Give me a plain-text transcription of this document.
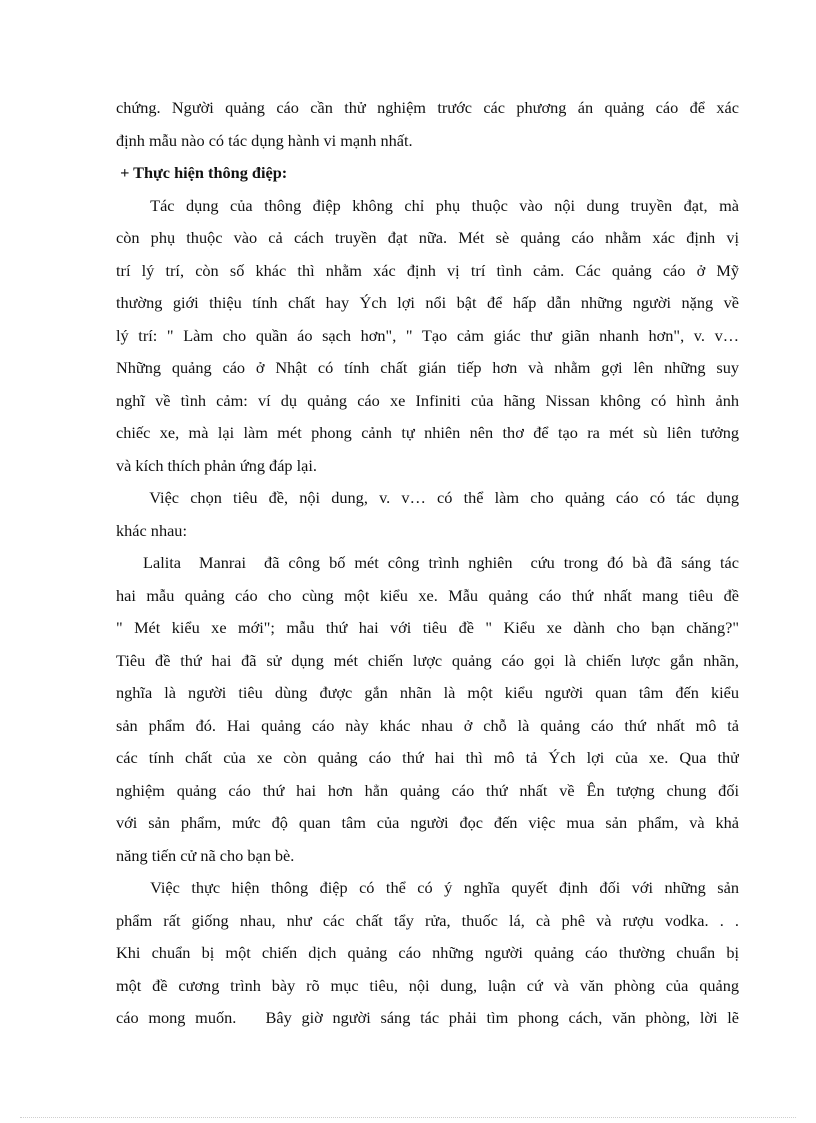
chứng. Người quảng cáo cần thử nghiệm trước các phương án quảng cáo để xác
định mẫu nào có tác dụng hành vi mạnh nhất.
+ Thực hiện thông điệp:
Tác dụng của thông điệp không chỉ phụ thuộc vào nội dung truyền đạt, mà
còn phụ thuộc vào cả cách truyền đạt nữa. Mét sè quảng cáo nhằm xác định vị
trí lý trí, còn số khác thì nhằm xác định vị trí tình cảm. Các quảng cáo ở Mỹ
thường giới thiệu tính chất hay Ých lợi nổi bật để hấp dẫn những người nặng về
lý trí: " Làm cho quần áo sạch hơn", " Tạo cảm giác thư giãn nhanh hơn", v. v…
Những quảng cáo ở Nhật có tính chất gián tiếp hơn và nhằm gợi lên những suy
nghĩ về tình cảm: ví dụ quảng cáo xe Infiniti của hãng Nissan không có hình ảnh
chiếc xe, mà lại làm mét phong cảnh tự nhiên nên thơ để tạo ra mét sù liên tưởng
và kích thích phản ứng đáp lại.
Việc chọn tiêu đề, nội dung, v. v… có thể làm cho quảng cáo có tác dụng
khác nhau:
Lalita  Manrai  đã công bố mét công trình nghiên  cứu trong đó bà đã sáng tác
hai mẫu quảng cáo cho cùng một kiểu xe. Mẫu quảng cáo thứ nhất mang tiêu đề
" Mét kiểu xe mới"; mẫu thứ hai với tiêu đề " Kiểu xe dành cho bạn chăng?"
Tiêu đề thứ hai đã sử dụng mét chiến lược quảng cáo gọi là chiến lược gắn nhãn,
nghĩa là người tiêu dùng được gắn nhãn là một kiểu người quan tâm đến kiểu
sản phẩm đó. Hai quảng cáo này khác nhau ở chỗ là quảng cáo thứ nhất mô tả
các tính chất của xe còn quảng cáo thứ hai thì mô tả Ých lợi của xe. Qua thử
nghiệm quảng cáo thứ hai hơn hẳn quảng cáo thứ nhất về Ên tượng chung đối
với sản phẩm, mức độ quan tâm của người đọc đến việc mua sản phẩm, và khả
năng tiến cử nã cho bạn bè.
Việc thực hiện thông điệp có thể có ý nghĩa quyết định đối với những sản
phẩm rất giống nhau, như các chất tẩy rửa, thuốc lá, cà phê và rượu vodka. . .
Khi chuẩn bị một chiến dịch quảng cáo những người quảng cáo thường chuẩn bị
một đề cương trình bày rõ mục tiêu, nội dung, luận cứ và văn phòng của quảng
cáo mong muốn.   Bây giờ người sáng tác phải tìm phong cách, văn phòng, lời lẽ
